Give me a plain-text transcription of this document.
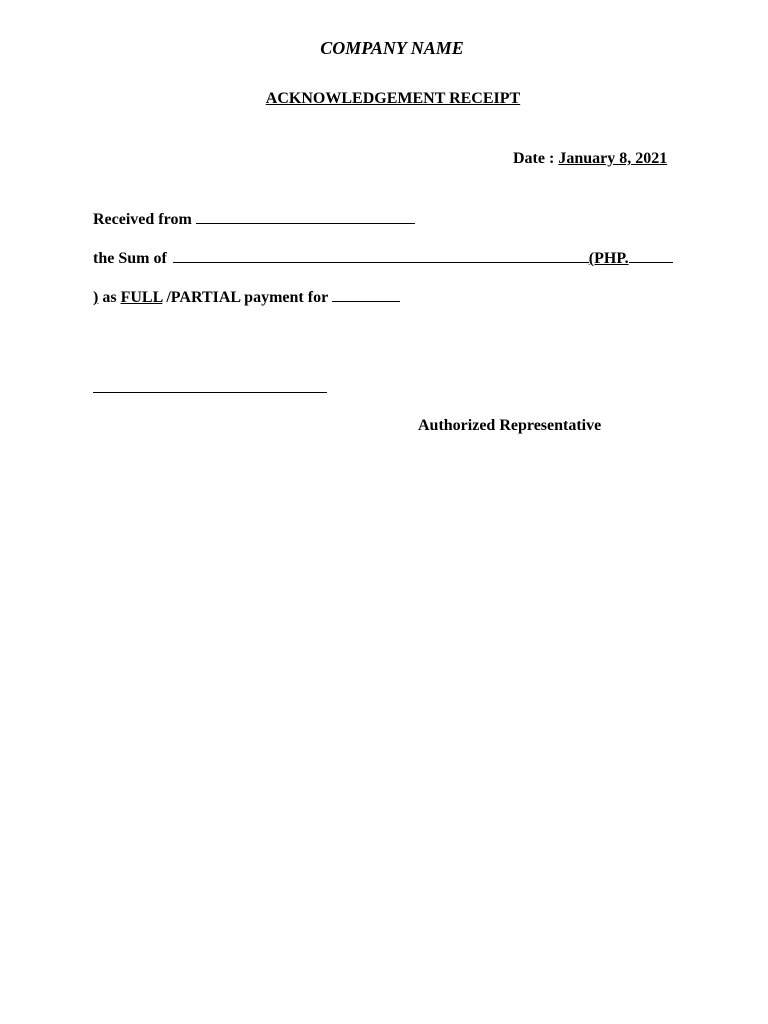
COMPANY NAME
ACKNOWLEDGEMENT RECEIPT
Date : January 8, 2021
Received from
the Sum of	(PHP.
) as FULL /PARTIAL payment for
Authorized Representative
